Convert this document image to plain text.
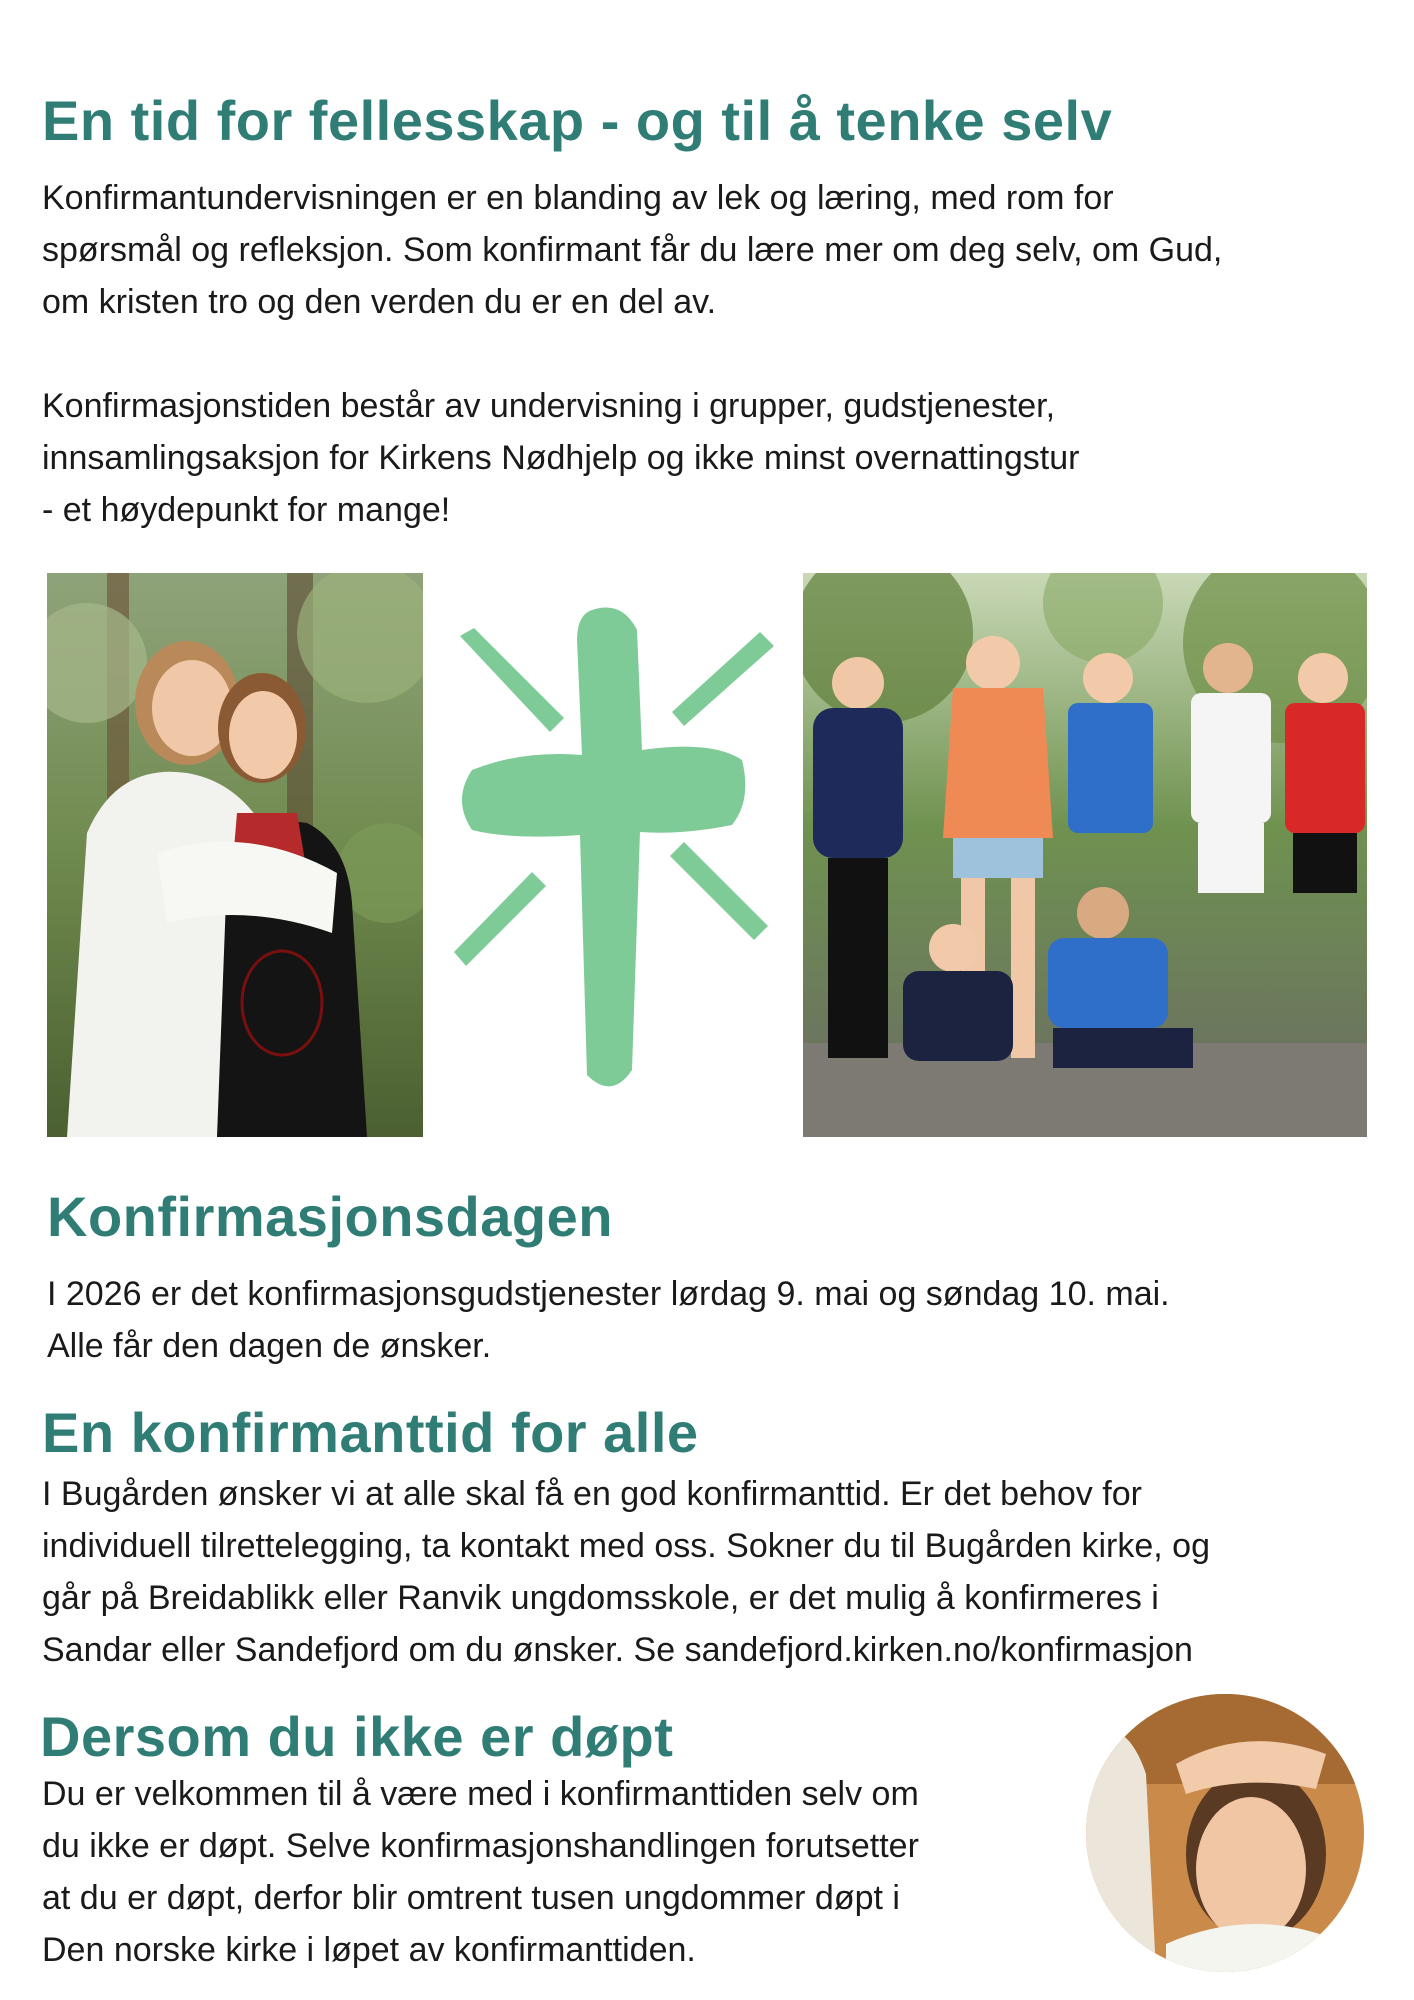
En tid for fellesskap - og til å tenke selv

Konfirmantundervisningen er en blanding av lek og læring, med rom for
spørsmål og refleksjon. Som konfirmant får du lære mer om deg selv, om Gud,
om kristen tro og den verden du er en del av.

Konfirmasjonstiden består av undervisning i grupper, gudstjenester,
innsamlingsaksjon for Kirkens Nødhjelp og ikke minst overnattingstur
- et høydepunkt for mange!

Konfirmasjonsdagen

I 2026 er det konfirmasjonsgudstjenester lørdag 9. mai og søndag 10. mai.
Alle får den dagen de ønsker.

En konfirmanttid for alle

I Bugården ønsker vi at alle skal få en god konfirmanttid. Er det behov for
individuell tilrettelegging, ta kontakt med oss. Sokner du til Bugården kirke, og
går på Breidablikk eller Ranvik ungdomsskole, er det mulig å konfirmeres i
Sandar eller Sandefjord om du ønsker. Se sandefjord.kirken.no/konfirmasjon

Dersom du ikke er døpt

Du er velkommen til å være med i konfirmanttiden selv om
du ikke er døpt. Selve konfirmasjonshandlingen forutsetter
at du er døpt, derfor blir omtrent tusen ungdommer døpt i
Den norske kirke i løpet av konfirmanttiden.
